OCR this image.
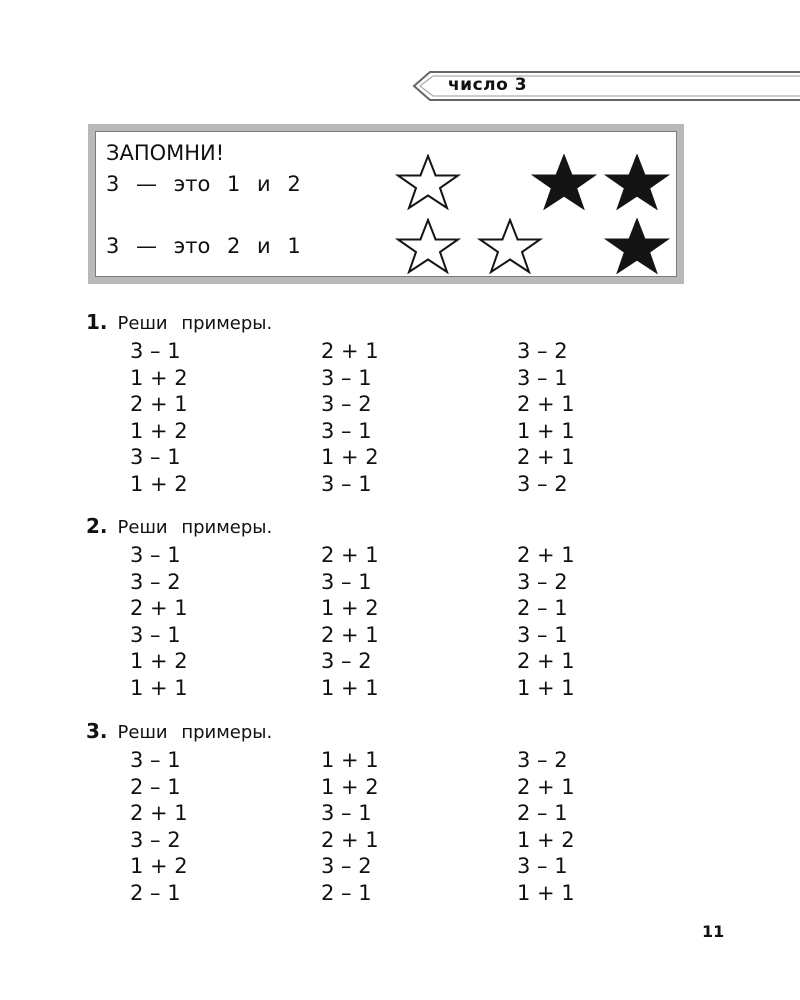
число 3
ЗАПОМНИ!
3 — это 1 и 2
3 — это 2 и 1
1. Реши примеры.
3 – 1
1 + 2
2 + 1
1 + 2
3 – 1
1 + 2
2 + 1
3 – 1
3 – 2
3 – 1
1 + 2
3 – 1
3 – 2
3 – 1
2 + 1
1 + 1
2 + 1
3 – 2
2. Реши примеры.
3 – 1
3 – 2
2 + 1
3 – 1
1 + 2
1 + 1
2 + 1
3 – 1
1 + 2
2 + 1
3 – 2
1 + 1
2 + 1
3 – 2
2 – 1
3 – 1
2 + 1
1 + 1
3. Реши примеры.
3 – 1
2 – 1
2 + 1
3 – 2
1 + 2
2 – 1
1 + 1
1 + 2
3 – 1
2 + 1
3 – 2
2 – 1
3 – 2
2 + 1
2 – 1
1 + 2
3 – 1
1 + 1
11
